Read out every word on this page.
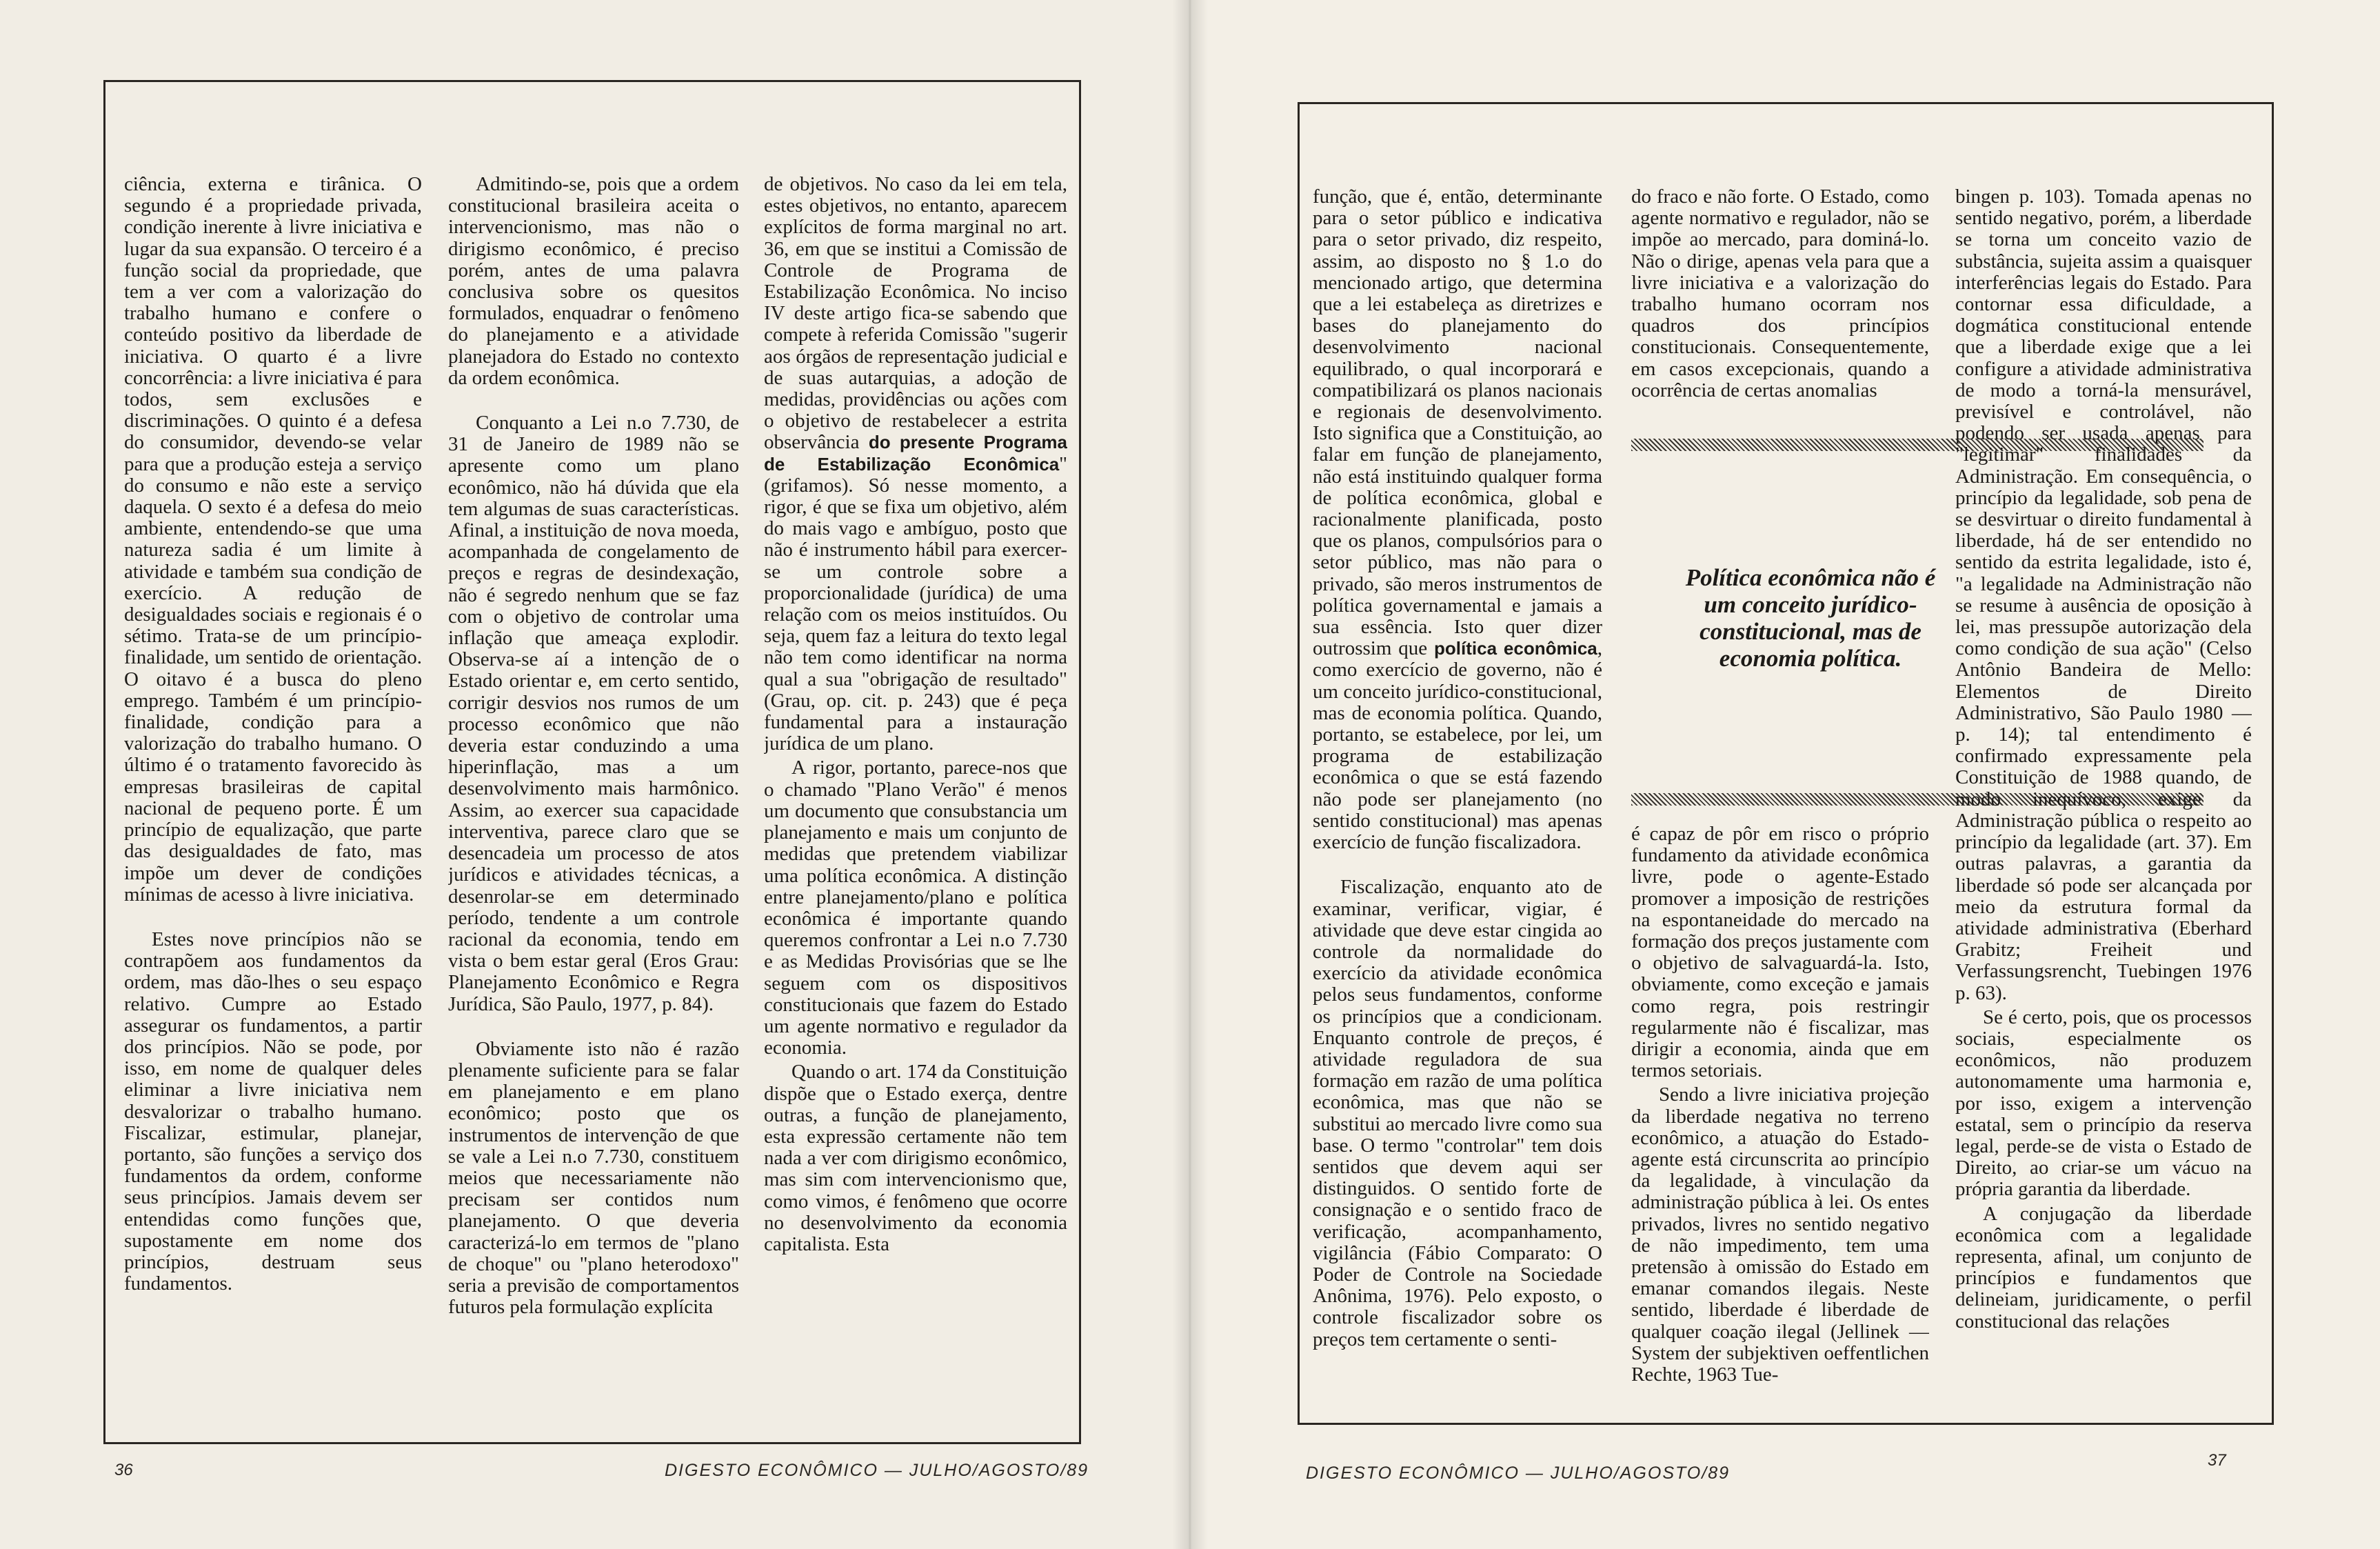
ciência, externa e tirânica. O segundo é a propriedade privada, condição inerente à livre iniciativa e lugar da sua expansão. O terceiro é a função social da propriedade, que tem a ver com a valorização do trabalho humano e confere o conteúdo positivo da liberdade de iniciativa. O quarto é a livre concorrência: a livre iniciativa é para todos, sem exclusões e discriminações. O quinto é a defesa do consumidor, devendo-se velar para que a produção esteja a serviço do consumo e não este a serviço daquela. O sexto é a defesa do meio ambiente, entendendo-se que uma natureza sadia é um limite à atividade e também sua condição de exercício. A redução de desigualdades sociais e regionais é o sétimo. Trata-se de um princípio-finalidade, um sentido de orientação. O oitavo é a busca do pleno emprego. Também é um princípio-finalidade, condição para a valorização do trabalho humano. O último é o tratamento favorecido às empresas brasileiras de capital nacional de pequeno porte. É um princípio de equalização, que parte das desigualdades de fato, mas impõe um dever de condições mínimas de acesso à livre iniciativa.

Estes nove princípios não se contrapõem aos fundamentos da ordem, mas dão-lhes o seu espaço relativo. Cumpre ao Estado assegurar os fundamentos, a partir dos princípios. Não se pode, por isso, em nome de qualquer deles eliminar a livre iniciativa nem desvalorizar o trabalho humano. Fiscalizar, estimular, planejar, portanto, são funções a serviço dos fundamentos da ordem, conforme seus princípios. Jamais devem ser entendidas como funções que, supostamente em nome dos princípios, destruam seus fundamentos.

Admitindo-se, pois que a ordem constitucional brasileira aceita o intervencionismo, mas não o dirigismo econômico, é preciso porém, antes de uma palavra conclusiva sobre os quesitos formulados, enquadrar o fenômeno do planejamento e a atividade planejadora do Estado no contexto da ordem econômica.

Conquanto a Lei n.o 7.730, de 31 de Janeiro de 1989 não se apresente como um plano econômico, não há dúvida que ela tem algumas de suas características. Afinal, a instituição de nova moeda, acompanhada de congelamento de preços e regras de desindexação, não é segredo nenhum que se faz com o objetivo de controlar uma inflação que ameaça explodir. Observa-se aí a intenção de o Estado orientar e, em certo sentido, corrigir desvios nos rumos de um processo econômico que não deveria estar conduzindo a uma hiperinflação, mas a um desenvolvimento mais harmônico. Assim, ao exercer sua capacidade interventiva, parece claro que se desencadeia um processo de atos jurídicos e atividades técnicas, a desenrolar-se em determinado período, tendente a um controle racional da economia, tendo em vista o bem estar geral (Eros Grau: Planejamento Econômico e Regra Jurídica, São Paulo, 1977, p. 84).

Obviamente isto não é razão plenamente suficiente para se falar em planejamento e em plano econômico; posto que os instrumentos de intervenção de que se vale a Lei n.o 7.730, constituem meios que necessariamente não precisam ser contidos num planejamento. O que deveria caracterizá-lo em termos de "plano de choque" ou "plano heterodoxo" seria a previsão de comportamentos futuros pela formulação explícita

de objetivos. No caso da lei em tela, estes objetivos, no entanto, aparecem explícitos de forma marginal no art. 36, em que se institui a Comissão de Controle de Programa de Estabilização Econômica. No inciso IV deste artigo fica-se sabendo que compete à referida Comissão "sugerir aos órgãos de representação judicial e de suas autarquias, a adoção de medidas, providências ou ações com o objetivo de restabelecer a estrita observância do presente Programa de Estabilização Econômica" (grifamos). Só nesse momento, a rigor, é que se fixa um objetivo, além do mais vago e ambíguo, posto que não é instrumento hábil para exercer-se um controle sobre a proporcionalidade (jurídica) de uma relação com os meios instituídos. Ou seja, quem faz a leitura do texto legal não tem como identificar na norma qual a sua "obrigação de resultado" (Grau, op. cit. p. 243) que é peça fundamental para a instauração jurídica de um plano.

A rigor, portanto, parece-nos que o chamado "Plano Verão" é menos um documento que consubstancia um planejamento e mais um conjunto de medidas que pretendem viabilizar uma política econômica. A distinção entre planejamento/plano e política econômica é importante quando queremos confrontar a Lei n.o 7.730 e as Medidas Provisórias que se lhe seguem com os dispositivos constitucionais que fazem do Estado um agente normativo e regulador da economia.

Quando o art. 174 da Constituição dispõe que o Estado exerça, dentre outras, a função de planejamento, esta expressão certamente não tem nada a ver com dirigismo econômico, mas sim com intervencionismo que, como vimos, é fenômeno que ocorre no desenvolvimento da economia capitalista. Esta

36	DIGESTO ECONÔMICO — JULHO/AGOSTO/89

função, que é, então, determinante para o setor público e indicativa para o setor privado, diz respeito, assim, ao disposto no § 1.o do mencionado artigo, que determina que a lei estabeleça as diretrizes e bases do planejamento do desenvolvimento nacional equilibrado, o qual incorporará e compatibilizará os planos nacionais e regionais de desenvolvimento. Isto significa que a Constituição, ao falar em função de planejamento, não está instituindo qualquer forma de política econômica, global e racionalmente planificada, posto que os planos, compulsórios para o setor público, mas não para o privado, são meros instrumentos de política governamental e jamais a sua essência. Isto quer dizer outrossim que política econômica, como exercício de governo, não é um conceito jurídico-constitucional, mas de economia política. Quando, portanto, se estabelece, por lei, um programa de estabilização econômica o que se está fazendo não pode ser planejamento (no sentido constitucional) mas apenas exercício de função fiscalizadora.

Fiscalização, enquanto ato de examinar, verificar, vigiar, é atividade que deve estar cingida ao controle da normalidade do exercício da atividade econômica pelos seus fundamentos, conforme os princípios que a condicionam. Enquanto controle de preços, é atividade reguladora de sua formação em razão de uma política econômica, mas que não se substitui ao mercado livre como sua base. O termo "controlar" tem dois sentidos que devem aqui ser distinguidos. O sentido forte de consignação e o sentido fraco de verificação, acompanhamento, vigilância (Fábio Comparato: O Poder de Controle na Sociedade Anônima, 1976). Pelo exposto, o controle fiscalizador sobre os preços tem certamente o senti-

do fraco e não forte. O Estado, como agente normativo e regulador, não se impõe ao mercado, para dominá-lo. Não o dirige, apenas vela para que a livre iniciativa e a valorização do trabalho humano ocorram nos quadros dos princípios constitucionais. Consequentemente, em casos excepcionais, quando a ocorrência de certas anomalias

Política econômica não é um conceito jurídico-constitucional, mas de economia política.

é capaz de pôr em risco o próprio fundamento da atividade econômica livre, pode o agente-Estado promover a imposição de restrições na espontaneidade do mercado na formação dos preços justamente com o objetivo de salvaguardá-la. Isto, obviamente, como exceção e jamais como regra, pois restringir regularmente não é fiscalizar, mas dirigir a economia, ainda que em termos setoriais.

Sendo a livre iniciativa projeção da liberdade negativa no terreno econômico, a atuação do Estado-agente está circunscrita ao princípio da legalidade, à vinculação da administração pública à lei. Os entes privados, livres no sentido negativo de não impedimento, tem uma pretensão à omissão do Estado em emanar comandos ilegais. Neste sentido, liberdade é liberdade de qualquer coação ilegal (Jellinek — System der subjektiven oeffentlichen Rechte, 1963 Tue-

bingen p. 103). Tomada apenas no sentido negativo, porém, a liberdade se torna um conceito vazio de substância, sujeita assim a quaisquer interferências legais do Estado. Para contornar essa dificuldade, a dogmática constitucional entende que a liberdade exige que a lei configure a atividade administrativa de modo a torná-la mensurável, previsível e controlável, não podendo ser usada apenas para "legitimar" finalidades da Administração. Em consequência, o princípio da legalidade, sob pena de se desvirtuar o direito fundamental à liberdade, há de ser entendido no sentido da estrita legalidade, isto é, "a legalidade na Administração não se resume à ausência de oposição à lei, mas pressupõe autorização dela como condição de sua ação" (Celso Antônio Bandeira de Mello: Elementos de Direito Administrativo, São Paulo 1980 — p. 14); tal entendimento é confirmado expressamente pela Constituição de 1988 quando, de modo inequívoco, exige da Administração pública o respeito ao princípio da legalidade (art. 37). Em outras palavras, a garantia da liberdade só pode ser alcançada por meio da estrutura formal da atividade administrativa (Eberhard Grabitz; Freiheit und Verfassungsrencht, Tuebingen 1976 p. 63).

Se é certo, pois, que os processos sociais, especialmente os econômicos, não produzem autonomamente uma harmonia e, por isso, exigem a intervenção estatal, sem o princípio da reserva legal, perde-se de vista o Estado de Direito, ao criar-se um vácuo na própria garantia da liberdade.

A conjugação da liberdade econômica com a legalidade representa, afinal, um conjunto de princípios e fundamentos que delineiam, juridicamente, o perfil constitucional das relações

DIGESTO ECONÔMICO — JULHO/AGOSTO/89
37
